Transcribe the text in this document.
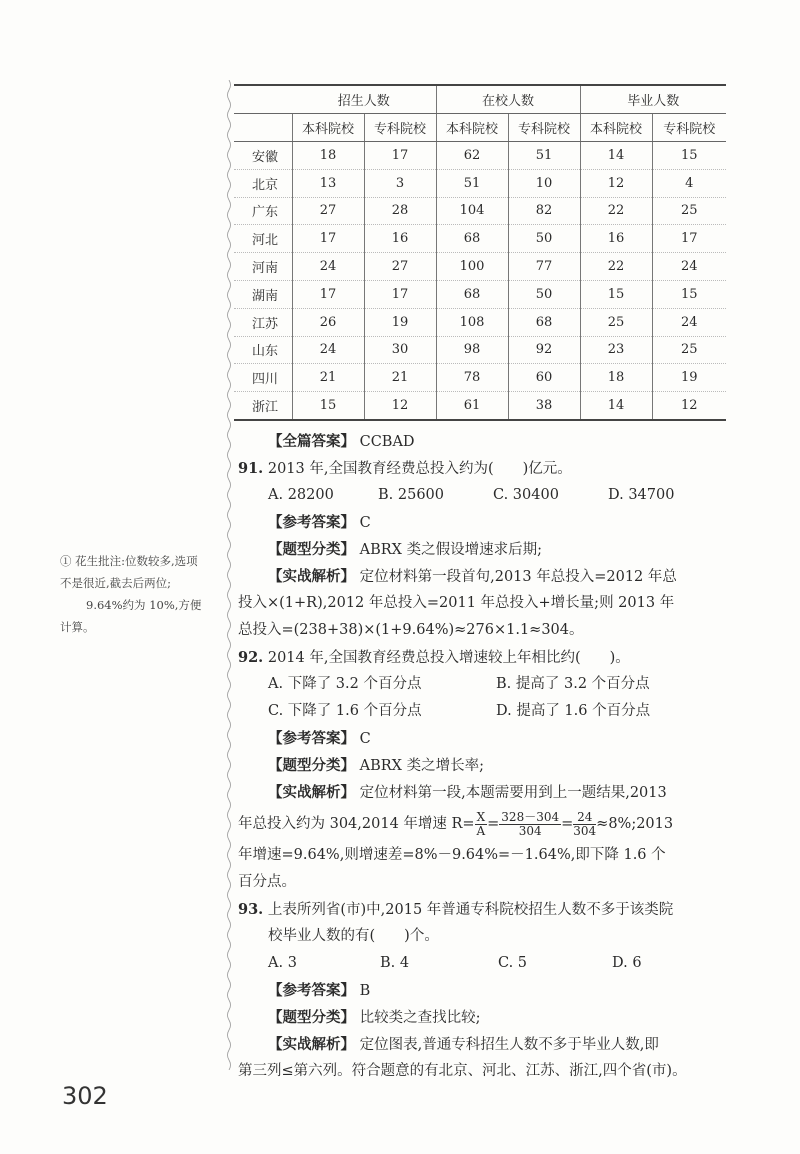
① 花生批注:位数较多,选项

不是很近,截去后两位;

9.64%约为 10%,方便

计算。

	招生人数		在校人数		毕业人数	
	本科院校	专科院校	本科院校	专科院校	本科院校	专科院校
安徽	18	17	62	51	14	15
北京	13	3	51	10	12	4
广东	27	28	104	82	22	25
河北	17	16	68	50	16	17
河南	24	27	100	77	22	24
湖南	17	17	68	50	15	15
江苏	26	19	108	68	25	24
山东	24	30	98	92	23	25
四川	21	21	78	60	18	19
浙江	15	12	61	38	14	12
【全篇答案】 CCBAD
91. 2013 年,全国教育经费总投入约为(　　)亿元。
A. 28200	B. 25600	C. 30400	D. 34700
【参考答案】 C
【题型分类】 ABRX 类之假设增速求后期;
【实战解析】 定位材料第一段首句,2013 年总投入=2012 年总
投入×(1+R),2012 年总投入=2011 年总投入+增长量;则 2013 年
总投入=(238+38)×(1+9.64%)≈276×1.1≈304。
92. 2014 年,全国教育经费总投入增速较上年相比约(　　)。
A. 下降了 3.2 个百分点	B. 提高了 3.2 个百分点
C. 下降了 1.6 个百分点	D. 提高了 1.6 个百分点
【参考答案】 C
【题型分类】 ABRX 类之增长率;
【实战解析】 定位材料第一段,本题需要用到上一题结果,2013
年总投入约为 304,2014 年增速 $R= \frac{X}{A} = \frac{328-304}{304} = \frac{24}{304}$ ≈8%;2013
年增速=9.64%,则增速差=8%－9.64%=－1.64%,即下降 1.6 个
百分点。
93. 上表所列省(市)中,2015 年普通专科院校招生人数不多于该类院
校毕业人数的有(　　)个。
A. 3	B. 4	C. 5	D. 6
【参考答案】 B
【题型分类】 比较类之查找比较;
【实战解析】 定位图表,普通专科招生人数不多于毕业人数,即
第三列≤第六列。符合题意的有北京、河北、江苏、浙江,四个省(市)。
302
